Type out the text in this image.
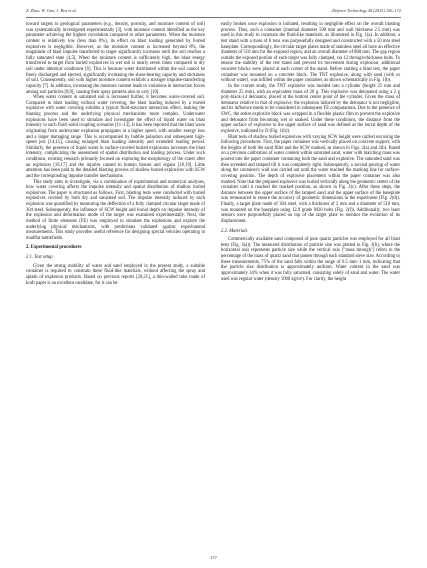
Z. Zhao, W. Gao, J. Ren et al.	Defence Technology 48 (2025) 156–172

toward targets to geological parameters (e.g., density, porosity, and moisture content of soil) was systematically investigated experimentally [3], with moisture content identified as the key parameter achieving the highest correlation compared to other parameters. When the moisture content is relatively low (less than 8%), its effect on blast loading generated by buried explosives is negligible. However, as the moisture content is increased beyond 8%, the magnitude of blast impulse transferred to target significantly increases until the soil reaches a fully saturated state [4,5]. When the moisture content is sufficiently high, the blast energy transferred to target from buried explosives in wet soil is nearly seven times compared to dry soil under identical conditions [6]. This is because water distributed within the soil cannot be freely discharged and ejected, significantly increasing the shear-bearing capacity and stickiness of soil. Consequently, soil with higher moisture content exhibits a stronger impulse-transferring capacity [7]. In addition, increasing the moisture content leads to variations in interaction forces among soil particles [8,9], causing their spray patterns also to vary [10].

When water content in saturated soil is increased further, it becomes water-covered soil. Compared to blast loading without water covering, the blast loading induced by a buried explosive with water covering exhibits a typical fluid-structure interaction effect, making the blasting process and the underlying physical mechanisms more complex. Underwater explosions have been used to simulate and investigate the effect of liquid water on blast intensity in such fluid–solid coupling scenarios [11–13]. It has been reported that the blast wave originating from underwater explosion propagates at a higher speed, with smaller energy loss and a larger damaging range. This is accompanied by bubble pulsation and subsequent high-speed jets [14,15], causing enlarged blast loading intensity and extended loading period. Similarly, the presence of liquid water in surface-covered buried explosions increases the blast intensity, complicating the assessment of spatial distribution and loading process. Under such conditions, existing research primarily focused on exploring the morphology of the crater after an explosion [16,17] and the injuries caused to human tissues and organs [18,19]. Little attention has been paid to the detailed blasting process of shallow buried explosives with SCW and the corresponding impulse transfer mechanisms.

This study aims to investigate, via a combination of experimental and numerical analyses, how water covering affects the impulse intensity and spatial distribution of shallow buried explosives. The paper is structured as follows. First, blasting tests were conducted with buried explosives covered by both dry and saturated soil. The impulse intensity induced by each explosion was quantified by measuring the deflection of a fully clamped circular target made of 304 steel. Subsequently, the influence of SCW height and burial depth on impulse intensity of the explosion and deformation mode of the target was examined experimentally. Next, the method of finite elements (FE) was employed to simulate the explosions and explore the underlying physical mechanisms, with predictions validated against experimental measurements. This study provides useful reference for designing special vehicles operating in mudflat battlefields.

2. Experimental procedures
2.1. Test setup

Given the strong mobility of water and sand employed in the present study, a suitable container is required to constrain these fluid-like materials, without affecting the spray and splash of explosion products. Based on previous reports [20,21], a thin-walled tube made of kraft paper is an excellent candidate, for it can be

easily broken once explosion is initiated, resulting in negligible effect on the overall blasting process. Thus, such a container (internal diameter 500 mm and wall thickness 2.5 mm) was used in this study to constrain the fluid-like materials, as illustrated in Fig. 1(a). In addition, a test stand with a mass of 8 tons was purposefully designed and constructed with a 50 mm steel baseplate. Correspondingly, the circular target plates made of stainless steel all have an effective diameter of 510 mm for the exposed region, and an overall diameter of 800 mm. The gap region outside the exposed portion of each target was fully clamped, via 12 through-thickness bolts. To ensure the stability of the test stand and prevent its movement during explosion, additional concrete blocks were placed at each corner of the stand. Before starting a blast test, the paper container was mounted on a concrete block. The TNT explosive, along with sand (with or without water), was infilled within the paper container, as shown schematically in Fig. 1(b).

In the current study, the TNT explosive was molded into a cylinder (height 25 mm and diameter 25 mm), with an equivalent mass of 20 g. This explosive was detonated using a 2 g poly-black-14 detonator, placed at the bottom center point of the cylinder. Given the mass of detonator relative to that of explosive, the explosion induced by the detonator is not negligible, and its influence needs to be considered in subsequent FE computations. Due to the presence of SWC, the entire explosive block was wrapped in a flexible plastic film to prevent the explosive and detonator from becoming wet or soaked. Under these conditions, the distance from the upper surface of explosive to the upper surface of sand was defined as the burial depth of the explosive, indicated by D (Fig. 1(b)).

Blast tests of shallow buried explosives with varying SCW height were carried out using the following procedures. First, the paper container was vertically placed on concrete support, with the heights of both the sand filler and the SCW marked, as shown in Figs. 2(a) and 2(b). Based on a previous calibration of water content within saturated sand, water with matching mass was poured into the paper container containing both the sand and explosive. The saturated sand was then screeded and tamped till it was completely tight. Subsequently, a second pouring of water along the container's wall was carried out until the water reached the marking line for surface-covering position. The depth of explosive placement within the paper container was also marked. Note that the prepared explosive was buried vertically along the geometric center of the container until it reached the marked position, as shown in Fig. 2(c). After these steps, the distance between the upper surface of the tamped sand and the upper surface of the baseplate was remeasured to ensure the accuracy of geometric dimensions in the experiment (Fig. 2(d)). Finally, a target plate made of 304 steel, with a thickness of 2 mm and a diameter of 510 mm, was mounted on the baseplate using 12.9 grade M20 bolts (Fig. 2(f)). Additionally, two laser sensors were purposefully placed on top of the target plate to monitor the evolution of its displacement.

2.2. Materials

Commercially available sand composed of pure quartz particles was employed for all blast tests (Fig. 3(a)). The measured distribution of particle size was plotted in Fig. 3(b), where the horizontal axis represents particle size while the vertical axis ("mass through") refers to the percentage of the mass of quartz sand that passes through each standard sieve size. According to these measurements, 75% of the sand falls within the range of 0.5 mm–1 mm, indicating that the particle size distribution is approximately uniform. Water content in the sand was approximately 34% when it was fully saturated, consisting solely of sand and water. The water used was regular water (density 1000 kg/m³). For clarity, the height

157
